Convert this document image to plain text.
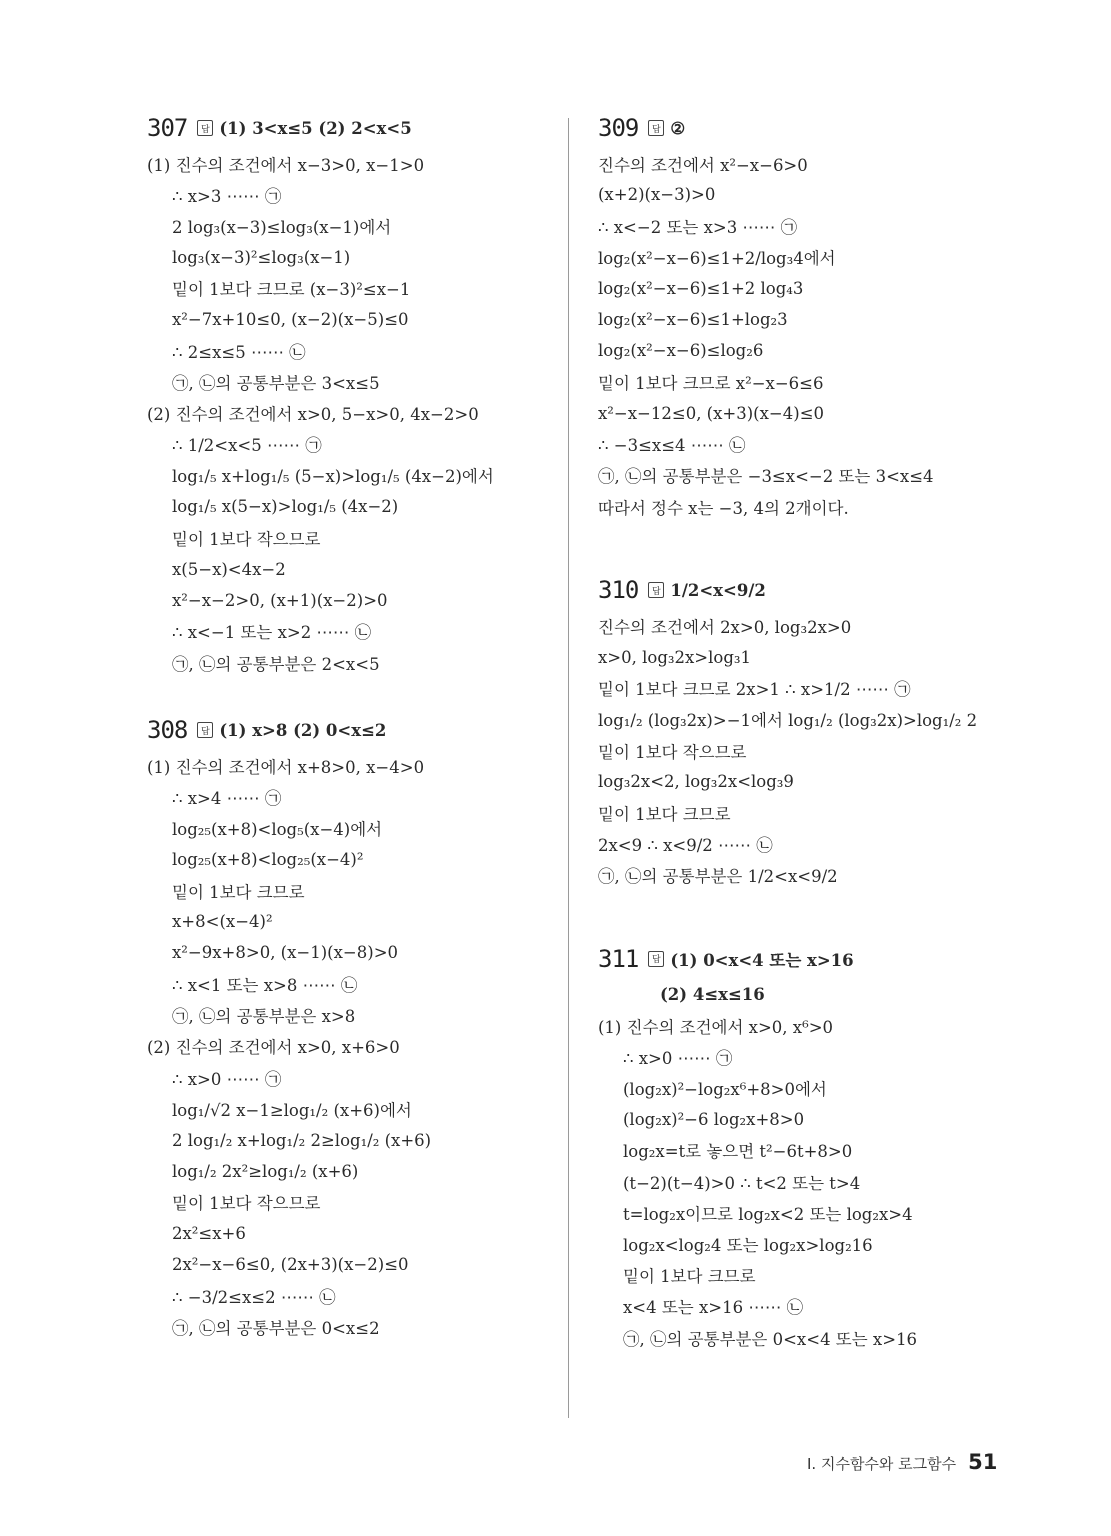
307	답 (1) 3<x≤5 (2) 2<x<5
(1) 진수의 조건에서 x−3>0, x−1>0
∴ x>3 ⋯⋯ ㉠
2 log₃(x−3)≤log₃(x−1)에서
log₃(x−3)²≤log₃(x−1)
밑이 1보다 크므로 (x−3)²≤x−1
x²−7x+10≤0, (x−2)(x−5)≤0
∴ 2≤x≤5 ⋯⋯ ㉡
㉠, ㉡의 공통부분은 3<x≤5
(2) 진수의 조건에서 x>0, 5−x>0, 4x−2>0
∴ 1/2<x<5 ⋯⋯ ㉠
log₁/₅ x+log₁/₅ (5−x)>log₁/₅ (4x−2)에서
log₁/₅ x(5−x)>log₁/₅ (4x−2)
밑이 1보다 작으므로
x(5−x)<4x−2
x²−x−2>0, (x+1)(x−2)>0
∴ x<−1 또는 x>2 ⋯⋯ ㉡
㉠, ㉡의 공통부분은 2<x<5
308	답 (1) x>8 (2) 0<x≤2
(1) 진수의 조건에서 x+8>0, x−4>0
∴ x>4 ⋯⋯ ㉠
log₂₅(x+8)<log₅(x−4)에서
log₂₅(x+8)<log₂₅(x−4)²
밑이 1보다 크므로
x+8<(x−4)²
x²−9x+8>0, (x−1)(x−8)>0
∴ x<1 또는 x>8 ⋯⋯ ㉡
㉠, ㉡의 공통부분은 x>8
(2) 진수의 조건에서 x>0, x+6>0
∴ x>0 ⋯⋯ ㉠
log₁/√2 x−1≥log₁/₂ (x+6)에서
2 log₁/₂ x+log₁/₂ 2≥log₁/₂ (x+6)
log₁/₂ 2x²≥log₁/₂ (x+6)
밑이 1보다 작으므로
2x²≤x+6
2x²−x−6≤0, (2x+3)(x−2)≤0
∴ −3/2≤x≤2 ⋯⋯ ㉡
㉠, ㉡의 공통부분은 0<x≤2
309	답 ②
진수의 조건에서 x²−x−6>0
(x+2)(x−3)>0
∴ x<−2 또는 x>3 ⋯⋯ ㉠
log₂(x²−x−6)≤1+2/log₃4에서
log₂(x²−x−6)≤1+2 log₄3
log₂(x²−x−6)≤1+log₂3
log₂(x²−x−6)≤log₂6
밑이 1보다 크므로 x²−x−6≤6
x²−x−12≤0, (x+3)(x−4)≤0
∴ −3≤x≤4 ⋯⋯ ㉡
㉠, ㉡의 공통부분은 −3≤x<−2 또는 3<x≤4
따라서 정수 x는 −3, 4의 2개이다.
310	답 1/2<x<9/2
진수의 조건에서 2x>0, log₃2x>0
x>0, log₃2x>log₃1
밑이 1보다 크므로 2x>1 ∴ x>1/2 ⋯⋯ ㉠
log₁/₂ (log₃2x)>−1에서 log₁/₂ (log₃2x)>log₁/₂ 2
밑이 1보다 작으므로
log₃2x<2, log₃2x<log₃9
밑이 1보다 크므로
2x<9 ∴ x<9/2 ⋯⋯ ㉡
㉠, ㉡의 공통부분은 1/2<x<9/2
311	답 (1) 0<x<4 또는 x>16
(2) 4≤x≤16
(1) 진수의 조건에서 x>0, x⁶>0
∴ x>0 ⋯⋯ ㉠
(log₂x)²−log₂x⁶+8>0에서
(log₂x)²−6 log₂x+8>0
log₂x=t로 놓으면 t²−6t+8>0
(t−2)(t−4)>0 ∴ t<2 또는 t>4
t=log₂x이므로 log₂x<2 또는 log₂x>4
log₂x<log₂4 또는 log₂x>log₂16
밑이 1보다 크므로
x<4 또는 x>16 ⋯⋯ ㉡
㉠, ㉡의 공통부분은 0<x<4 또는 x>16
I. 지수함수와 로그함수 51
